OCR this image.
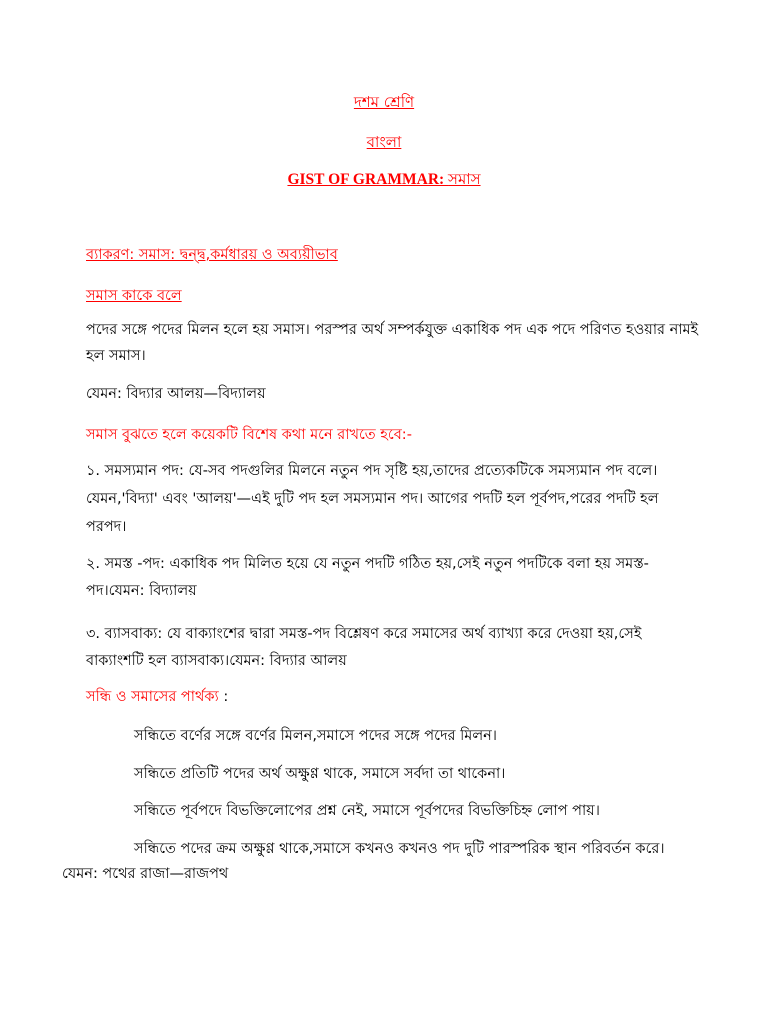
দশম শ্রেণি
বাংলা
GIST OF GRAMMAR: সমাস
ব্যাকরণ: সমাস: দ্বন্দ্ব,কর্মধারয় ও অব্যয়ীভাব
সমাস কাকে বলে
পদের সঙ্গে পদের মিলন হলে হয় সমাস। পরস্পর অর্থ সম্পর্কযুক্ত একাধিক পদ এক পদে পরিণত হওয়ার নামই
হল সমাস।
যেমন: বিদ্যার আলয়—বিদ্যালয়
সমাস বুঝতে হলে কয়েকটি বিশেষ কথা মনে রাখতে হবে:-
১. সমস্যমান পদ: যে-সব পদগুলির মিলনে নতুন পদ সৃষ্টি হয়,তাদের প্রত্যেকটিকে সমস্যমান পদ বলে।
যেমন,'বিদ্যা' এবং 'আলয়'—এই দুটি পদ হল সমস্যমান পদ। আগের পদটি হল পূর্বপদ,পরের পদটি হল
পরপদ।
২. সমস্ত -পদ: একাধিক পদ মিলিত হয়ে যে নতুন পদটি গঠিত হয়,সেই নতুন পদটিকে বলা হয় সমস্ত-
পদ।যেমন: বিদ্যালয়
৩. ব্যাসবাক্য: যে বাক্যাংশের দ্বারা সমস্ত-পদ বিশ্লেষণ করে সমাসের অর্থ ব্যাখ্যা করে দেওয়া হয়,সেই
বাক্যাংশটি হল ব্যাসবাক্য।যেমন: বিদ্যার আলয়
সন্ধি ও সমাসের পার্থক্য :
সন্ধিতে বর্ণের সঙ্গে বর্ণের মিলন,সমাসে পদের সঙ্গে পদের মিলন।
সন্ধিতে প্রতিটি পদের অর্থ অক্ষুণ্ণ থাকে, সমাসে সর্বদা তা থাকেনা।
সন্ধিতে পূর্বপদে বিভক্তিলোপের প্রশ্ন নেই, সমাসে পূর্বপদের বিভক্তিচিহ্ন লোপ পায়।
সন্ধিতে পদের ক্রম অক্ষুণ্ণ থাকে,সমাসে কখনও কখনও পদ দুটি পারস্পরিক স্থান পরিবর্তন করে।
যেমন: পথের রাজা—রাজপথ
